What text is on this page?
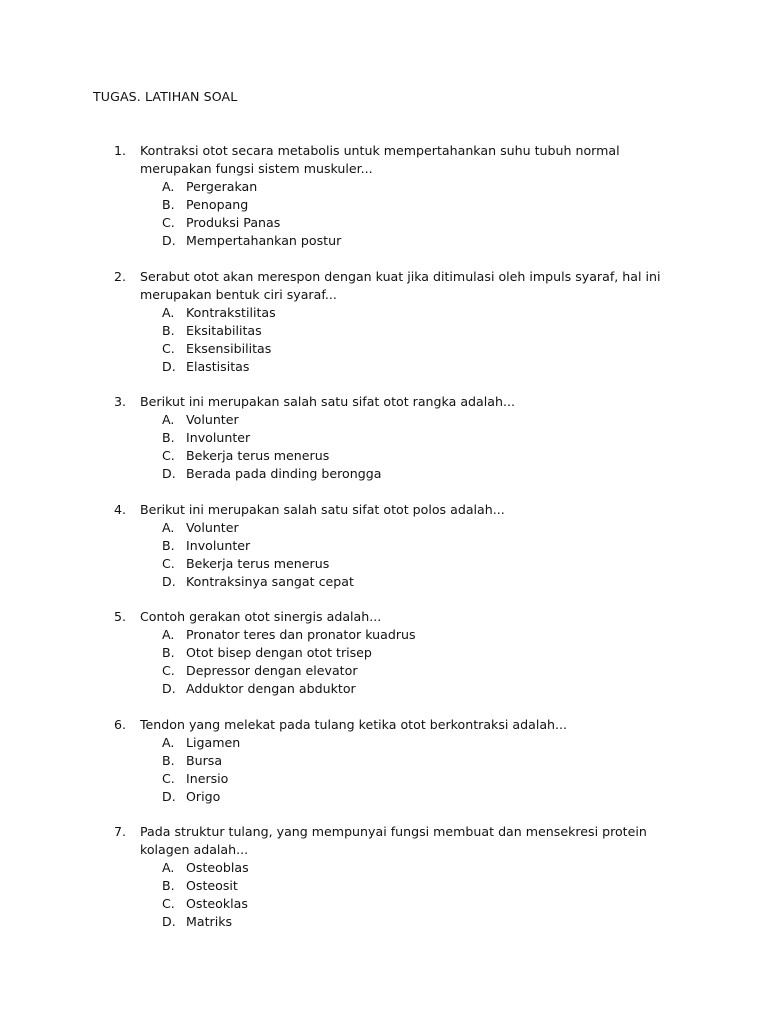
TUGAS. LATIHAN SOAL
1.	Kontraksi otot secara metabolis untuk mempertahankan suhu tubuh normal merupakan fungsi sistem muskuler...
A. Pergerakan
B. Penopang
C. Produksi Panas
D. Mempertahankan postur
2.	Serabut otot akan merespon dengan kuat jika ditimulasi oleh impuls syaraf, hal ini merupakan bentuk ciri syaraf...
A. Kontrakstilitas
B. Eksitabilitas
C. Eksensibilitas
D. Elastisitas
3.	Berikut ini merupakan salah satu sifat otot rangka adalah...
A. Volunter
B. Involunter
C. Bekerja terus menerus
D. Berada pada dinding berongga
4.	Berikut ini merupakan salah satu sifat otot polos adalah...
A. Volunter
B. Involunter
C. Bekerja terus menerus
D. Kontraksinya sangat cepat
5.	Contoh gerakan otot sinergis adalah...
A. Pronator teres dan pronator kuadrus
B. Otot bisep dengan otot trisep
C. Depressor dengan elevator
D. Adduktor dengan abduktor
6.	Tendon yang melekat pada tulang ketika otot berkontraksi adalah...
A. Ligamen
B. Bursa
C. Inersio
D. Origo
7.	Pada struktur tulang, yang mempunyai fungsi membuat dan mensekresi protein kolagen adalah...
A. Osteoblas
B. Osteosit
C. Osteoklas
D. Matriks
